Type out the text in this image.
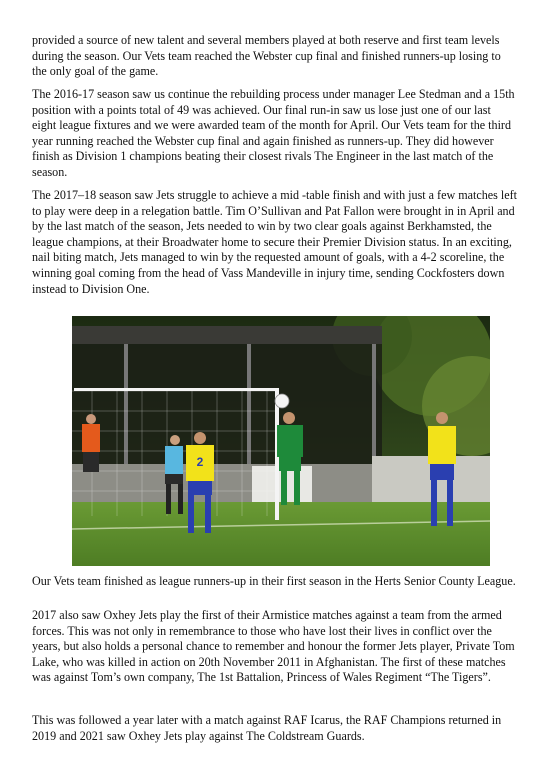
provided a source of new talent and several members played at both reserve and first team levels during the season. Our Vets team reached the Webster cup final and finished runners-up losing to the only goal of the game.

The 2016-17 season saw us continue the rebuilding process under manager Lee Stedman and a 15th position with a points total of 49 was achieved. Our final run-in saw us lose just one of our last eight league fixtures and we were awarded team of the month for April. Our Vets team for the third year running reached the Webster cup final and again finished as runners-up. They did however finish as Division 1 champions beating their closest rivals The Engineer in the last match of the season.

The 2017–18 season saw Jets struggle to achieve a mid -table finish and with just a few matches left to play were deep in a relegation battle. Tim O’Sullivan and Pat Fallon were brought in in April and by the last match of the season, Jets needed to win by two clear goals against Berkhamsted, the league champions, at their Broadwater home to secure their Premier Division status. In an exciting, nail biting match, Jets managed to win by the requested amount of goals, with a 4-2 scoreline, the winning goal coming from the head of Vass Mandeville in injury time, sending Cockfosters down instead to Division One.

2

Our Vets team finished as league runners-up in their first season in the Herts Senior County League.

2017 also saw Oxhey Jets play the first of their Armistice matches against a team from the armed forces. This was not only in remembrance to those who have lost their lives in conflict over the years, but also holds a personal chance to remember and honour the former Jets player, Private Tom Lake, who was killed in action on 20th November 2011 in Afghanistan. The first of these matches was against Tom’s own company, The 1st Battalion, Princess of Wales Regiment “The Tigers”.

This was followed a year later with a match against RAF Icarus, the RAF Champions returned in 2019 and 2021 saw Oxhey Jets play against The Coldstream Guards.
